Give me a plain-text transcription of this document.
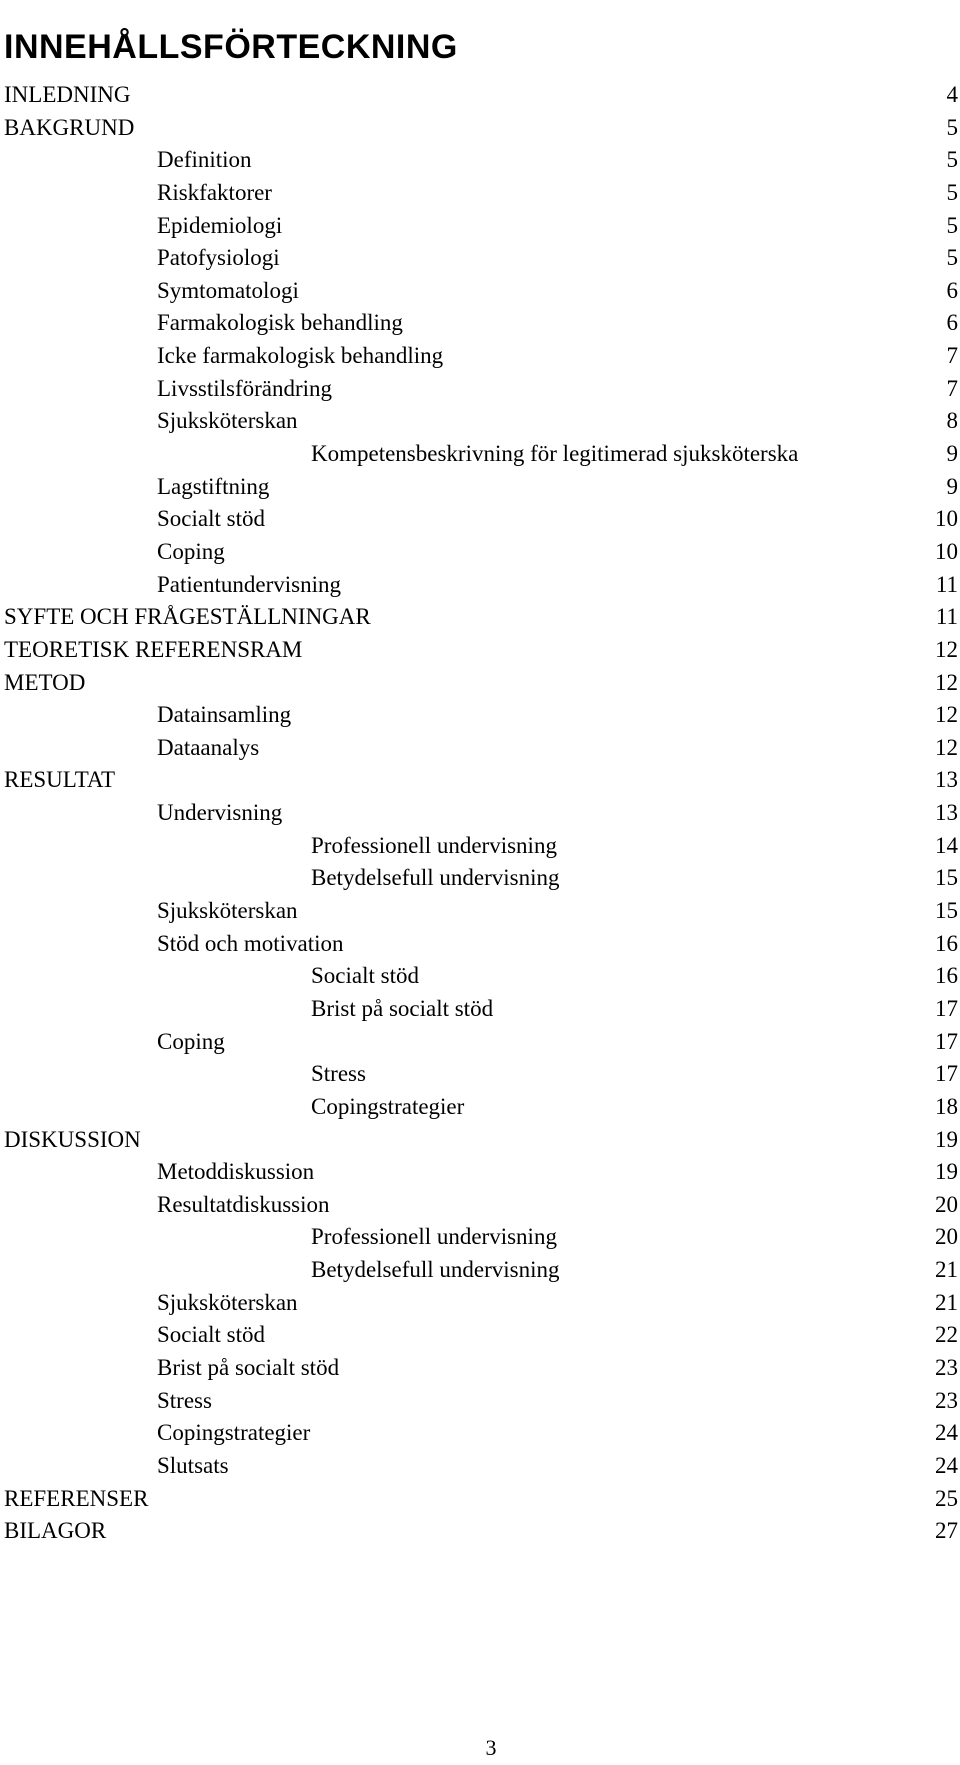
INNEHÅLLSFÖRTECKNING
INLEDNING	4
BAKGRUND	5
Definition	5
Riskfaktorer	5
Epidemiologi	5
Patofysiologi	5
Symtomatologi	6
Farmakologisk behandling	6
Icke farmakologisk behandling	7
Livsstilsförändring	7
Sjuksköterskan	8
Kompetensbeskrivning för legitimerad sjuksköterska	9
Lagstiftning	9
Socialt stöd	10
Coping	10
Patientundervisning	11
SYFTE OCH FRÅGESTÄLLNINGAR	11
TEORETISK REFERENSRAM	12
METOD	12
Datainsamling	12
Dataanalys	12
RESULTAT	13
Undervisning	13
Professionell undervisning	14
Betydelsefull undervisning	15
Sjuksköterskan	15
Stöd och motivation	16
Socialt stöd	16
Brist på socialt stöd	17
Coping	17
Stress	17
Copingstrategier	18
DISKUSSION	19
Metoddiskussion	19
Resultatdiskussion	20
Professionell undervisning	20
Betydelsefull undervisning	21
Sjuksköterskan	21
Socialt stöd	22
Brist på socialt stöd	23
Stress	23
Copingstrategier	24
Slutsats	24
REFERENSER	25
BILAGOR	27
3
